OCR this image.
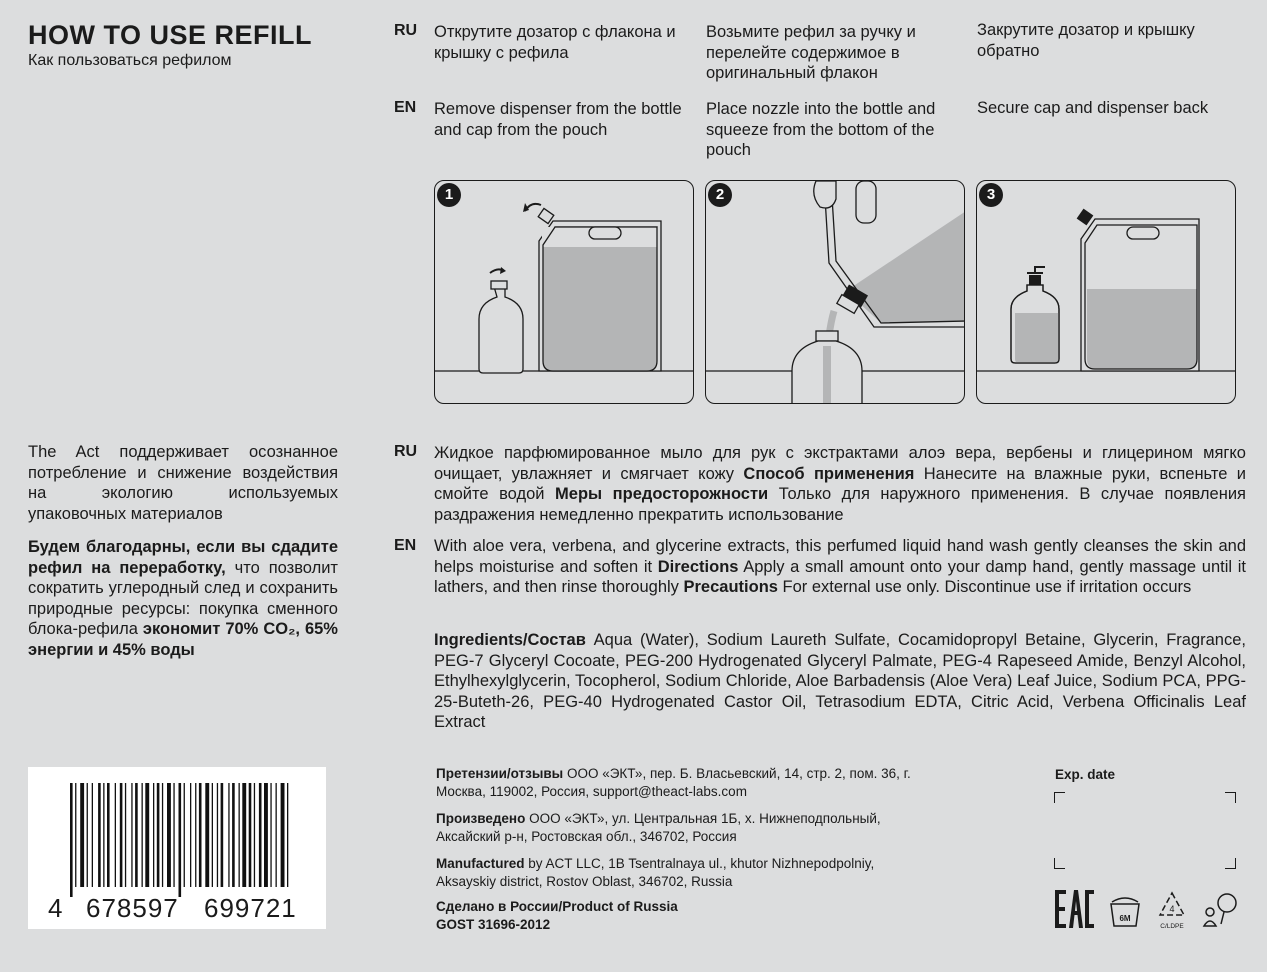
HOW TO USE REFILL
Как пользоваться рефилом
RU
EN
Открутите дозатор с флакона и крышку с рефила
Возьмите рефил за ручку и перелейте содержимое в оригинальный флакон
Закрутите дозатор и крышку обратно
Remove dispenser from the bottle and cap from the pouch
Place nozzle into the bottle and squeeze from the bottom of the pouch
Secure cap and dispenser back
1	2	3
The Act поддерживает осознанное потребление и снижение воздействия на экологию используемых упаковочных материалов
Будем благодарны, если вы сдадите рефил на переработку, что позволит сократить углеродный след и сохранить природные ресурсы: покупка сменного блока-рефила экономит 70% CO₂, 65% энергии и 45% воды
RU Жидкое парфюмированное мыло для рук с экстрактами алоэ вера, вербены и глицерином мягко очищает, увлажняет и смягчает кожу Способ применения Нанесите на влажные руки, вспеньте и смойте водой Меры предосторожности Только для наружного применения. В случае появления раздражения немедленно прекратить использование
EN With aloe vera, verbena, and glycerine extracts, this perfumed liquid hand wash gently cleanses the skin and helps moisturise and soften it Directions Apply a small amount onto your damp hand, gently massage until it lathers, and then rinse thoroughly Precautions For external use only. Discontinue use if irritation occurs
Ingredients/Состав Aqua (Water), Sodium Laureth Sulfate, Cocamidopropyl Betaine, Glycerin, Fragrance, PEG-7 Glyceryl Cocoate, PEG-200 Hydrogenated Glyceryl Palmate, PEG-4 Rapeseed Amide, Benzyl Alcohol, Ethylhexylglycerin, Tocopherol, Sodium Chloride, Aloe Barbadensis (Aloe Vera) Leaf Juice, Sodium PCA, PPG-25-Buteth-26, PEG-40 Hydrogenated Castor Oil, Tetrasodium EDTA, Citric Acid, Verbena Officinalis Leaf Extract
4 678597 699721
Претензии/отзывы ООО «ЭКТ», пер. Б. Власьевский, 14, стр. 2, пом. 36, г. Москва, 119002, Россия, support@theact-labs.com
Произведено ООО «ЭКТ», ул. Центральная 1Б, х. Нижнеподпольный, Аксайский р-н, Ростовская обл., 346702, Россия
Manufactured by ACT LLC, 1B Tsentralnaya ul., khutor Nizhnepodpolniy, Aksayskiy district, Rostov Oblast, 346702, Russia
Сделано в России/Product of Russia
GOST 31696-2012
Exp. date
6M
4
C/LDPE
